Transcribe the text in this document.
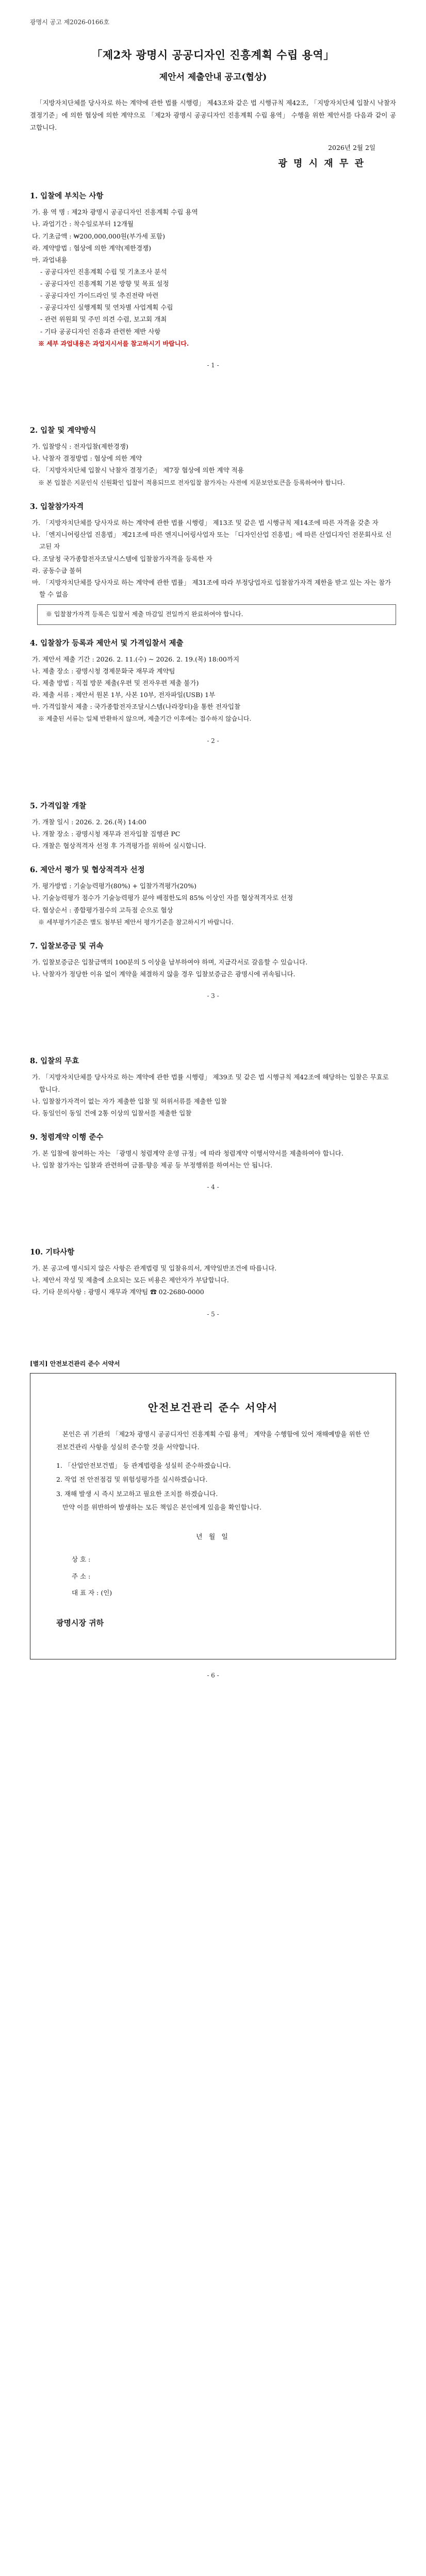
광명시 공고 제2026-0166호
「제2차 광명시 공공디자인 진흥계획 수립 용역」
제안서 제출안내 공고(협상)

「지방자치단체를 당사자로 하는 계약에 관한 법률 시행령」 제43조와 같은 법 시행규칙 제42조, 「지방자치단체 입찰시 낙찰자 결정기준」에 의한 협상에 의한 계약으로 「제2차 광명시 공공디자인 진흥계획 수립 용역」 수행을 위한 제안서를 다음과 같이 공고합니다.

2026년 2월 2일
광 명 시 재 무 관
1. 입찰에 부치는 사항

가. 용 역 명 : 제2차 광명시 공공디자인 진흥계획 수립 용역

나. 과업기간 : 착수일로부터 12개월

다. 기초금액 : ₩200,000,000원(부가세 포함)

라. 계약방법 : 협상에 의한 계약(제한경쟁)

마. 과업내용

- 공공디자인 진흥계획 수립 및 기초조사 분석

- 공공디자인 진흥계획 기본 방향 및 목표 설정

- 공공디자인 가이드라인 및 추진전략 마련

- 공공디자인 실행계획 및 연차별 사업계획 수립

- 관련 위원회 및 주민 의견 수렴, 보고회 개최

- 기타 공공디자인 진흥과 관련한 제반 사항

※ 세부 과업내용은 과업지시서를 참고하시기 바랍니다.

- 1 -
2. 입찰 및 계약방식

가. 입찰방식 : 전자입찰(제한경쟁)

나. 낙찰자 결정방법 : 협상에 의한 계약

다. 「지방자치단체 입찰시 낙찰자 결정기준」 제7장 협상에 의한 계약 적용

※ 본 입찰은 지문인식 신원확인 입찰이 적용되므로 전자입찰 참가자는 사전에 지문보안토큰을 등록하여야 합니다.

3. 입찰참가자격

가. 「지방자치단체를 당사자로 하는 계약에 관한 법률 시행령」 제13조 및 같은 법 시행규칙 제14조에 따른 자격을 갖춘 자

나. 「엔지니어링산업 진흥법」 제21조에 따른 엔지니어링사업자 또는 「디자인산업 진흥법」에 따른 산업디자인 전문회사로 신고된 자

다. 조달청 국가종합전자조달시스템에 입찰참가자격을 등록한 자

라. 공동수급 불허

마. 「지방자치단체를 당사자로 하는 계약에 관한 법률」 제31조에 따라 부정당업자로 입찰참가자격 제한을 받고 있는 자는 참가할 수 없음

※ 입찰참가자격 등록은 입찰서 제출 마감일 전일까지 완료하여야 합니다.

4. 입찰참가 등록과 제안서 및 가격입찰서 제출

가. 제안서 제출 기간 : 2026. 2. 11.(수) ~ 2026. 2. 19.(목) 18:00까지

나. 제출 장소 : 광명시청 경제문화국 재무과 계약팀

다. 제출 방법 : 직접 방문 제출(우편 및 전자우편 제출 불가)

라. 제출 서류 : 제안서 원본 1부, 사본 10부, 전자파일(USB) 1부

마. 가격입찰서 제출 : 국가종합전자조달시스템(나라장터)을 통한 전자입찰

※ 제출된 서류는 일체 반환하지 않으며, 제출기간 이후에는 접수하지 않습니다.

- 2 -
5. 가격입찰 개찰

가. 개찰 일시 : 2026. 2. 26.(목) 14:00

나. 개찰 장소 : 광명시청 재무과 전자입찰 집행관 PC

다. 개찰은 협상적격자 선정 후 가격평가를 위하여 실시합니다.

6. 제안서 평가 및 협상적격자 선정

가. 평가방법 : 기술능력평가(80%) + 입찰가격평가(20%)

나. 기술능력평가 점수가 기술능력평가 분야 배점한도의 85% 이상인 자를 협상적격자로 선정

다. 협상순서 : 종합평가점수의 고득점 순으로 협상

※ 세부평가기준은 별도 첨부된 제안서 평가기준을 참고하시기 바랍니다.

7. 입찰보증금 및 귀속

가. 입찰보증금은 입찰금액의 100분의 5 이상을 납부하여야 하며, 지급각서로 갈음할 수 있습니다.

나. 낙찰자가 정당한 이유 없이 계약을 체결하지 않을 경우 입찰보증금은 광명시에 귀속됩니다.

- 3 -
8. 입찰의 무효

가. 「지방자치단체를 당사자로 하는 계약에 관한 법률 시행령」 제39조 및 같은 법 시행규칙 제42조에 해당하는 입찰은 무효로 합니다.

나. 입찰참가자격이 없는 자가 제출한 입찰 및 허위서류를 제출한 입찰

다. 동일인이 동일 건에 2통 이상의 입찰서를 제출한 입찰

9. 청렴계약 이행 준수

가. 본 입찰에 참여하는 자는 「광명시 청렴계약 운영 규정」에 따라 청렴계약 이행서약서를 제출하여야 합니다.

나. 입찰 참가자는 입찰과 관련하여 금품·향응 제공 등 부정행위를 하여서는 안 됩니다.

- 4 -
10. 기타사항

가. 본 공고에 명시되지 않은 사항은 관계법령 및 입찰유의서, 계약일반조건에 따릅니다.

나. 제안서 작성 및 제출에 소요되는 모든 비용은 제안자가 부담합니다.

다. 기타 문의사항 : 광명시 재무과 계약팀 ☎ 02-2680-0000

- 5 -
[별지] 안전보건관리 준수 서약서
안전보건관리 준수 서약서

본인은 귀 기관의 「제2차 광명시 공공디자인 진흥계획 수립 용역」 계약을 수행함에 있어 재해예방을 위한 안전보건관리 사항을 성실히 준수할 것을 서약합니다.

1. 「산업안전보건법」 등 관계법령을 성실히 준수하겠습니다.

2. 작업 전 안전점검 및 위험성평가를 실시하겠습니다.

3. 재해 발생 시 즉시 보고하고 필요한 조치를 하겠습니다.

만약 이를 위반하여 발생하는 모든 책임은 본인에게 있음을 확인합니다.

년 월 일
상 호 :
주 소 :
대 표 자 : (인)
광명시장 귀하
- 6 -
